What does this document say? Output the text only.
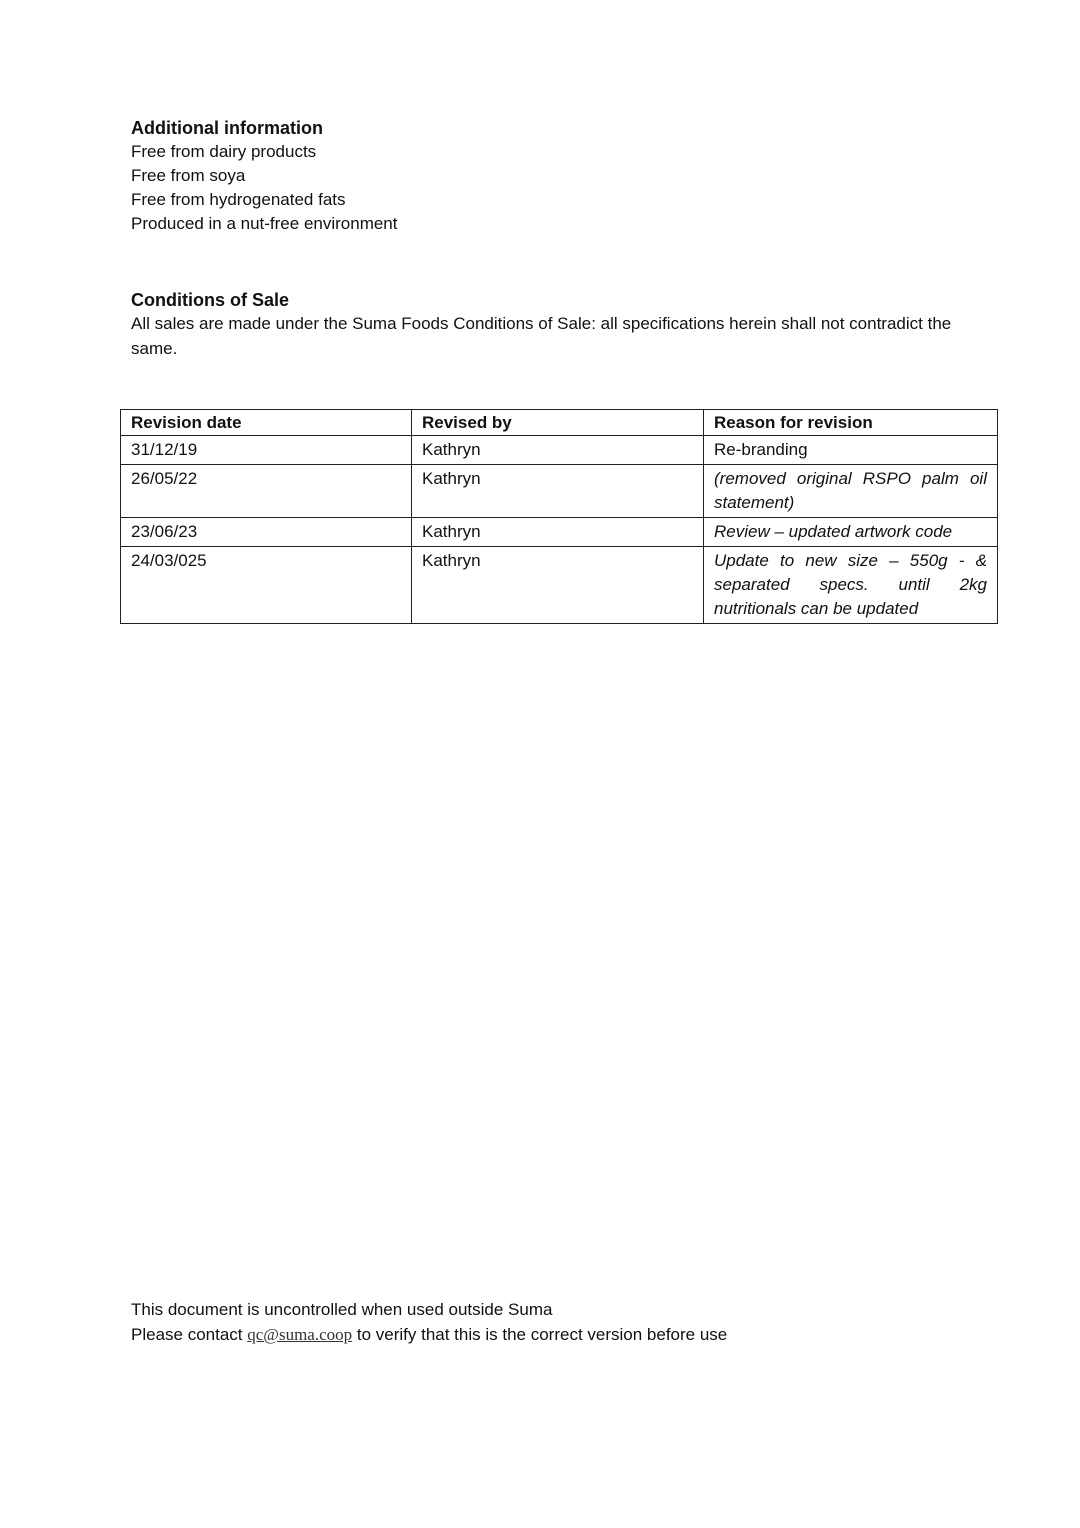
Additional information

Free from dairy products

Free from soya

Free from hydrogenated fats

Produced in a nut-free environment

Conditions of Sale

All sales are made under the Suma Foods Conditions of Sale: all specifications herein shall not contradict the same.

Revision date	Revised by	Reason for revision
31/12/19	Kathryn	Re-branding
26/05/22	Kathryn	(removed original RSPO palm oil statement)
23/06/23	Kathryn	Review – updated artwork code
24/03/025	Kathryn	Update to new size – 550g - & separated specs. until 2kg nutritionals can be updated

This document is uncontrolled when used outside Suma

Please contact qc@suma.coop to verify that this is the correct version before use
